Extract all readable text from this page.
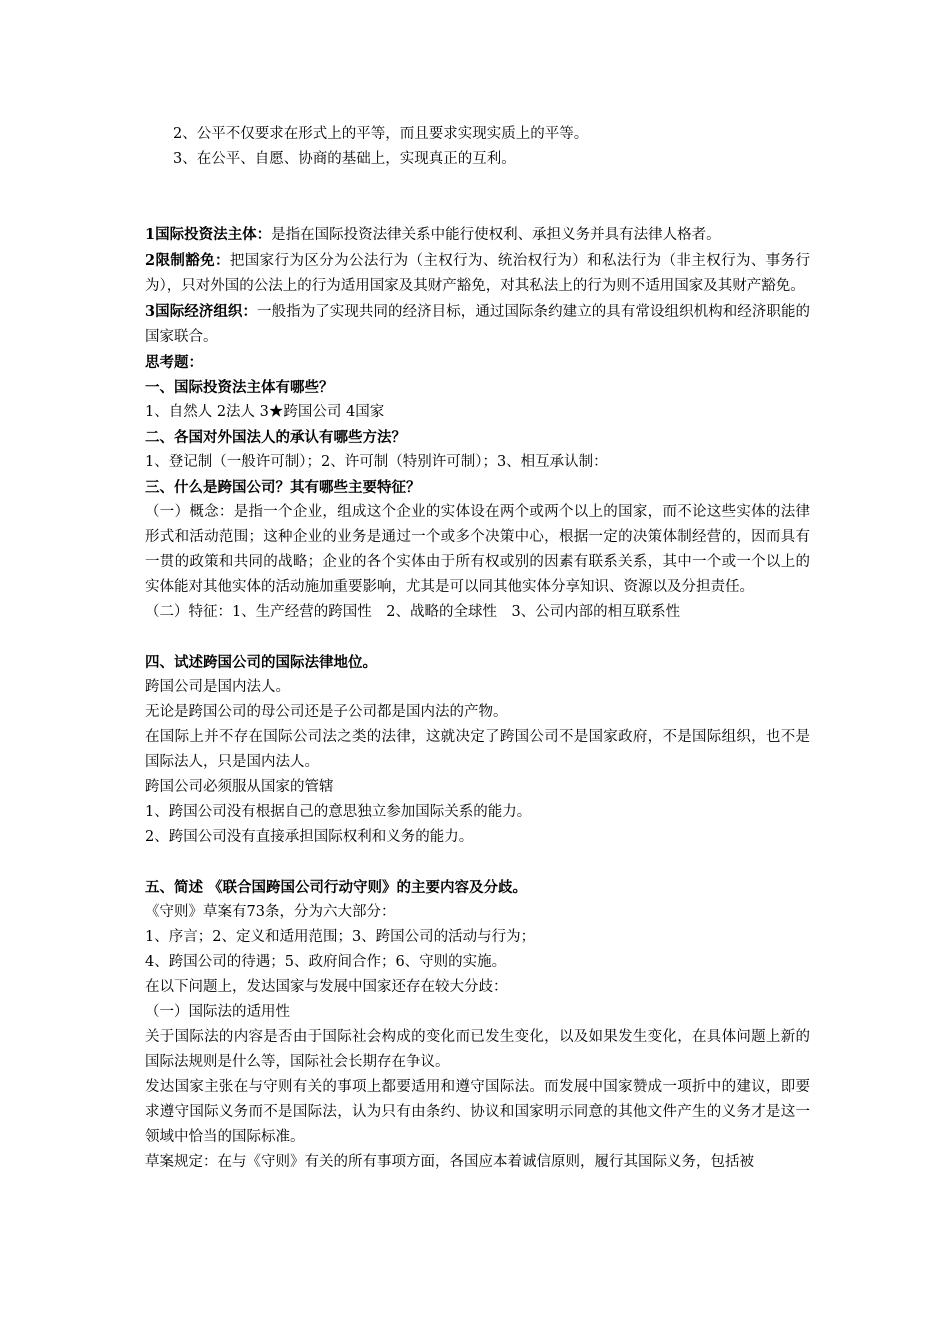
2、公平不仅要求在形式上的平等，而且要求实现实质上的平等。
3、在公平、自愿、协商的基础上，实现真正的互利。
1国际投资法主体：是指在国际投资法律关系中能行使权利、承担义务并具有法律人格者。
2限制豁免：把国家行为区分为公法行为（主权行为、统治权行为）和私法行为（非主权行为、事务行为），只对外国的公法上的行为适用国家及其财产豁免，对其私法上的行为则不适用国家及其财产豁免。
3国际经济组织：一般指为了实现共同的经济目标，通过国际条约建立的具有常设组织机构和经济职能的国家联合。
思考题：
一、国际投资法主体有哪些？
1、自然人 2法人 3★跨国公司 4国家
二、各国对外国法人的承认有哪些方法？
1、登记制（一般许可制）；2、许可制（特别许可制）；3、相互承认制：
三、什么是跨国公司？其有哪些主要特征？
（一）概念：是指一个企业，组成这个企业的实体设在两个或两个以上的国家，而不论这些实体的法律形式和活动范围；这种企业的业务是通过一个或多个决策中心，根据一定的决策体制经营的，因而具有一贯的政策和共同的战略；企业的各个实体由于所有权或别的因素有联系关系，其中一个或一个以上的实体能对其他实体的活动施加重要影响，尤其是可以同其他实体分享知识、资源以及分担责任。
（二）特征：1、生产经营的跨国性　2、战略的全球性　3、公司内部的相互联系性
四、试述跨国公司的国际法律地位。
跨国公司是国内法人。
无论是跨国公司的母公司还是子公司都是国内法的产物。
在国际上并不存在国际公司法之类的法律，这就决定了跨国公司不是国家政府，不是国际组织，也不是国际法人，只是国内法人。
跨国公司必须服从国家的管辖
1、跨国公司没有根据自己的意思独立参加国际关系的能力。
2、跨国公司没有直接承担国际权利和义务的能力。
五、简述 《联合国跨国公司行动守则》的主要内容及分歧。
《守则》草案有73条，分为六大部分：
1、序言；2、定义和适用范围；3、跨国公司的活动与行为；
4、跨国公司的待遇；5、政府间合作；6、守则的实施。
在以下问题上，发达国家与发展中国家还存在较大分歧：
（一）国际法的适用性
关于国际法的内容是否由于国际社会构成的变化而已发生变化，以及如果发生变化，在具体问题上新的国际法规则是什么等，国际社会长期存在争议。
发达国家主张在与守则有关的事项上都要适用和遵守国际法。而发展中国家赞成一项折中的建议，即要求遵守国际义务而不是国际法，认为只有由条约、协议和国家明示同意的其他文件产生的义务才是这一领域中恰当的国际标准。
草案规定：在与《守则》有关的所有事项方面，各国应本着诚信原则，履行其国际义务，包括被
